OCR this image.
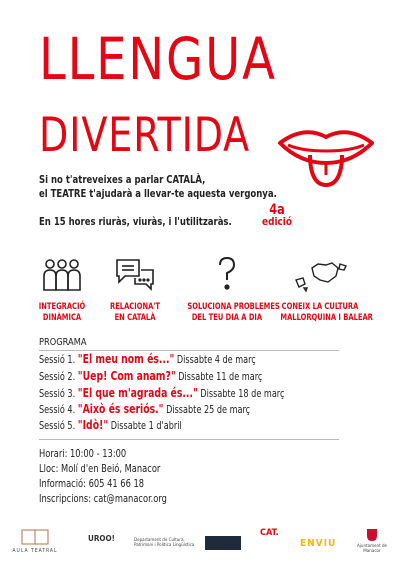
LLENGUA
DIVERTIDA
Si no t'atreveixes a parlar CATALÀ,
el TEATRE t'ajudarà a llevar-te aquesta vergonya.
En 15 hores riuràs, viuràs, i l'utilitzaràs.
4a
edició
INTEGRACIÓ
DINÀMICA
RELACIONA'T
EN CATALÀ
SOLUCIONA PROBLEMES
DEL TEU DIA A DIA
CONEIX LA CULTURA
MALLORQUINA I BALEAR
PROGRAMA
Sessió 1. "El meu nom és..." Dissabte 4 de març
Sessió 2. "Uep! Com anam?" Dissabte 11 de març
Sessió 3. "El que m'agrada és..." Dissabte 18 de març
Sessió 4. "Això és seriós." Dissabte 25 de març
Sessió 5. "Idò!" Dissabte 1 d'abril
Horari: 10:00 - 13:00
Lloc: Molí d'en Beió, Manacor
Informació: 605 41 66 18
Inscripcions: cat@manacor.org
AULA TEATRAL
UROO!	Departament de Cultura, Patrimoni i Política Lingüística
CAT.
ENVIU	Ajuntament de Manacor
